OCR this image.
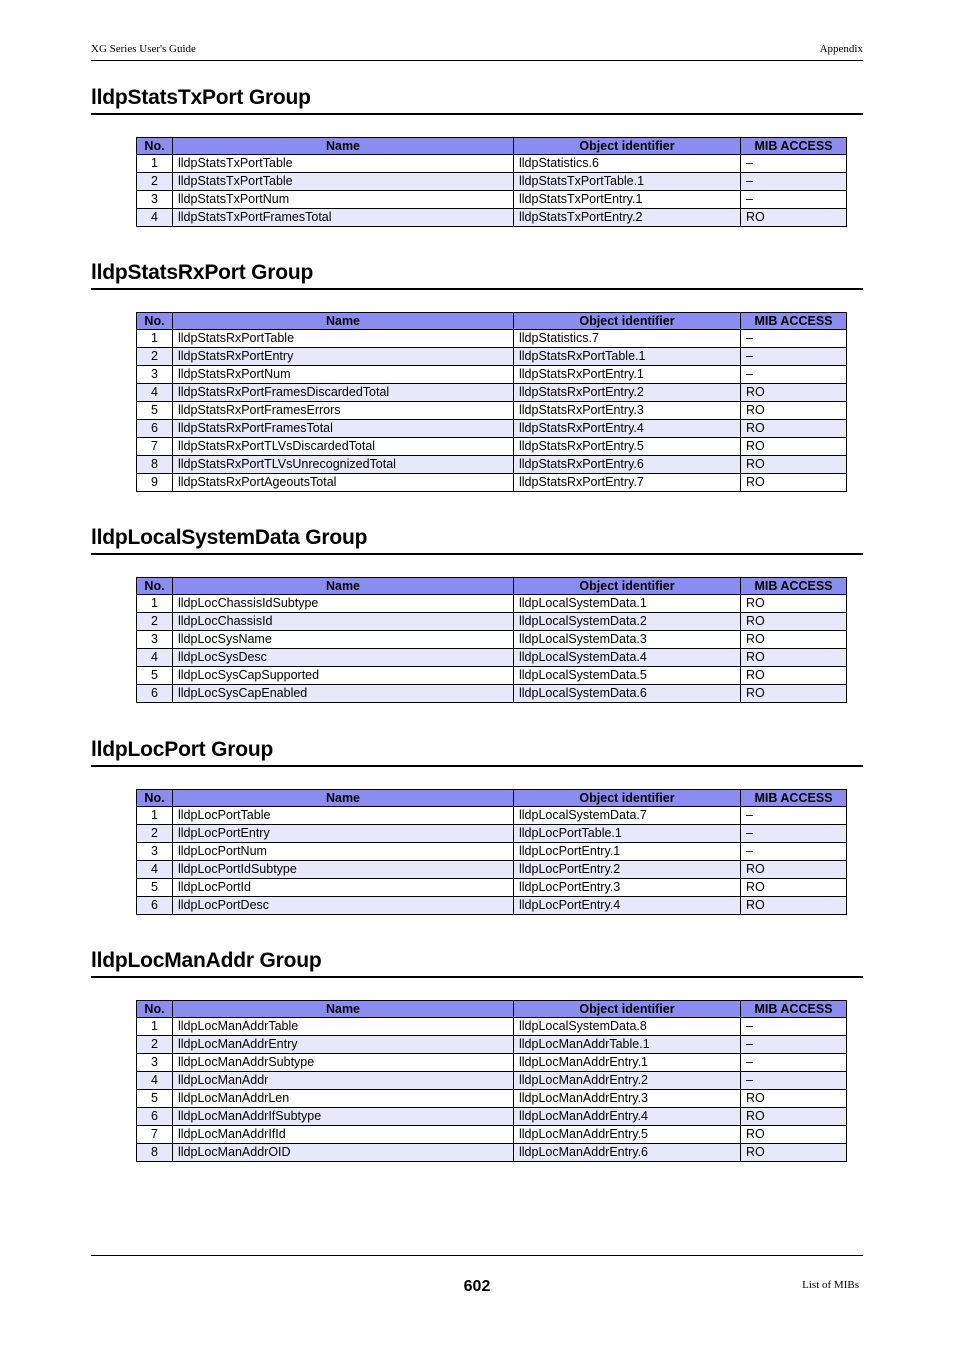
XG Series User's Guide	Appendix
lldpStatsTxPort Group
No.	Name	Object identifier	MIB ACCESS
1	lldpStatsTxPortTable	lldpStatistics.6	–
2	lldpStatsTxPortTable	lldpStatsTxPortTable.1	–
3	lldpStatsTxPortNum	lldpStatsTxPortEntry.1	–
4	lldpStatsTxPortFramesTotal	lldpStatsTxPortEntry.2	RO
lldpStatsRxPort Group
No.	Name	Object identifier	MIB ACCESS
1	lldpStatsRxPortTable	lldpStatistics.7	–
2	lldpStatsRxPortEntry	lldpStatsRxPortTable.1	–
3	lldpStatsRxPortNum	lldpStatsRxPortEntry.1	–
4	lldpStatsRxPortFramesDiscardedTotal	lldpStatsRxPortEntry.2	RO
5	lldpStatsRxPortFramesErrors	lldpStatsRxPortEntry.3	RO
6	lldpStatsRxPortFramesTotal	lldpStatsRxPortEntry.4	RO
7	lldpStatsRxPortTLVsDiscardedTotal	lldpStatsRxPortEntry.5	RO
8	lldpStatsRxPortTLVsUnrecognizedTotal	lldpStatsRxPortEntry.6	RO
9	lldpStatsRxPortAgeoutsTotal	lldpStatsRxPortEntry.7	RO
lldpLocalSystemData Group
No.	Name	Object identifier	MIB ACCESS
1	lldpLocChassisIdSubtype	lldpLocalSystemData.1	RO
2	lldpLocChassisId	lldpLocalSystemData.2	RO
3	lldpLocSysName	lldpLocalSystemData.3	RO
4	lldpLocSysDesc	lldpLocalSystemData.4	RO
5	lldpLocSysCapSupported	lldpLocalSystemData.5	RO
6	lldpLocSysCapEnabled	lldpLocalSystemData.6	RO
lldpLocPort Group
No.	Name	Object identifier	MIB ACCESS
1	lldpLocPortTable	lldpLocalSystemData.7	–
2	lldpLocPortEntry	lldpLocPortTable.1	–
3	lldpLocPortNum	lldpLocPortEntry.1	–
4	lldpLocPortIdSubtype	lldpLocPortEntry.2	RO
5	lldpLocPortId	lldpLocPortEntry.3	RO
6	lldpLocPortDesc	lldpLocPortEntry.4	RO
lldpLocManAddr Group
No.	Name	Object identifier	MIB ACCESS
1	lldpLocManAddrTable	lldpLocalSystemData.8	–
2	lldpLocManAddrEntry	lldpLocManAddrTable.1	–
3	lldpLocManAddrSubtype	lldpLocManAddrEntry.1	–
4	lldpLocManAddr	lldpLocManAddrEntry.2	–
5	lldpLocManAddrLen	lldpLocManAddrEntry.3	RO
6	lldpLocManAddrIfSubtype	lldpLocManAddrEntry.4	RO
7	lldpLocManAddrIfId	lldpLocManAddrEntry.5	RO
8	lldpLocManAddrOID	lldpLocManAddrEntry.6	RO
602	List of MIBs
